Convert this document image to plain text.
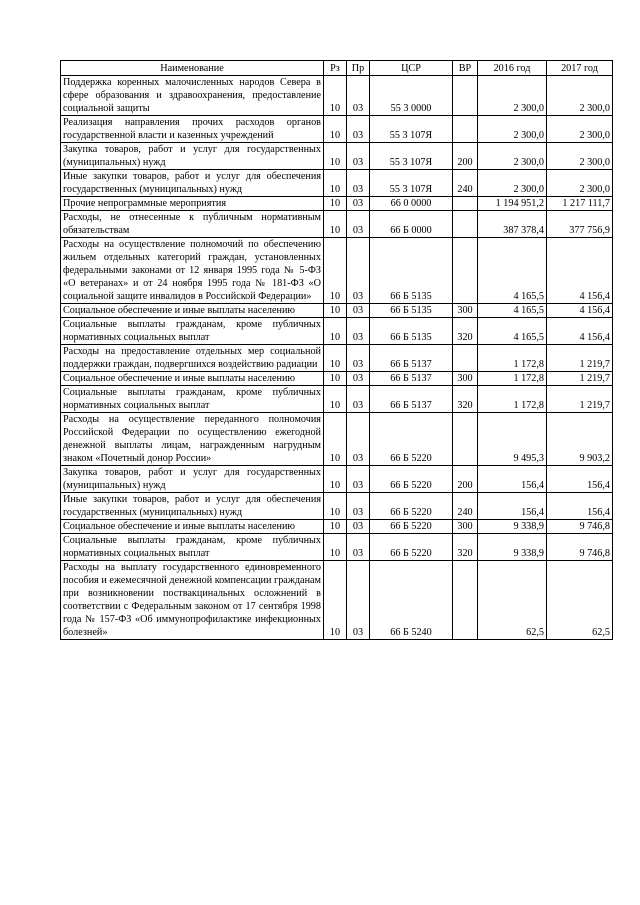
Наименование	Рз	Пр	ЦСР	ВР	2016 год	2017 год
Поддержка коренных малочисленных народов Севера в сфере образования и здравоохранения, предоставление социальной защиты	10	03	55 3 0000		2 300,0	2 300,0
Реализация направления прочих расходов органов государственной власти и казенных учреждений	10	03	55 3 107Я		2 300,0	2 300,0
Закупка товаров, работ и услуг для государственных (муниципальных) нужд	10	03	55 3 107Я	200	2 300,0	2 300,0
Иные закупки товаров, работ и услуг для обеспечения государственных (муниципальных) нужд	10	03	55 3 107Я	240	2 300,0	2 300,0
Прочие непрограммные мероприятия	10	03	66 0 0000		1 194 951,2	1 217 111,7
Расходы, не отнесенные к публичным нормативным обязательствам	10	03	66 Б 0000		387 378,4	377 756,9
Расходы на осуществление полномочий по обеспечению жильем отдельных категорий граждан, установленных федеральными законами от 12 января 1995 года № 5-ФЗ «О ветеранах» и от 24 ноября 1995 года № 181-ФЗ «О социальной защите инвалидов в Российской Федерации»	10	03	66 Б 5135		4 165,5	4 156,4
Социальное обеспечение и иные выплаты населению	10	03	66 Б 5135	300	4 165,5	4 156,4
Социальные выплаты гражданам, кроме публичных нормативных социальных выплат	10	03	66 Б 5135	320	4 165,5	4 156,4
Расходы на предоставление отдельных мер социальной поддержки граждан, подвергшихся воздействию радиации	10	03	66 Б 5137		1 172,8	1 219,7
Социальное обеспечение и иные выплаты населению	10	03	66 Б 5137	300	1 172,8	1 219,7
Социальные выплаты гражданам, кроме публичных нормативных социальных выплат	10	03	66 Б 5137	320	1 172,8	1 219,7
Расходы на осуществление переданного полномочия Российской Федерации по осуществлению ежегодной денежной выплаты лицам, награжденным нагрудным знаком «Почетный донор России»	10	03	66 Б 5220		9 495,3	9 903,2
Закупка товаров, работ и услуг для государственных (муниципальных) нужд	10	03	66 Б 5220	200	156,4	156,4
Иные закупки товаров, работ и услуг для обеспечения государственных (муниципальных) нужд	10	03	66 Б 5220	240	156,4	156,4
Социальное обеспечение и иные выплаты населению	10	03	66 Б 5220	300	9 338,9	9 746,8
Социальные выплаты гражданам, кроме публичных нормативных социальных выплат	10	03	66 Б 5220	320	9 338,9	9 746,8
Расходы на выплату государственного единовременного пособия и ежемесячной денежной компенсации гражданам при возникновении поствакцинальных осложнений в соответствии с Федеральным законом от 17 сентября 1998 года № 157-ФЗ «Об иммунопрофилактике инфекционных болезней»	10	03	66 Б 5240		62,5	62,5
